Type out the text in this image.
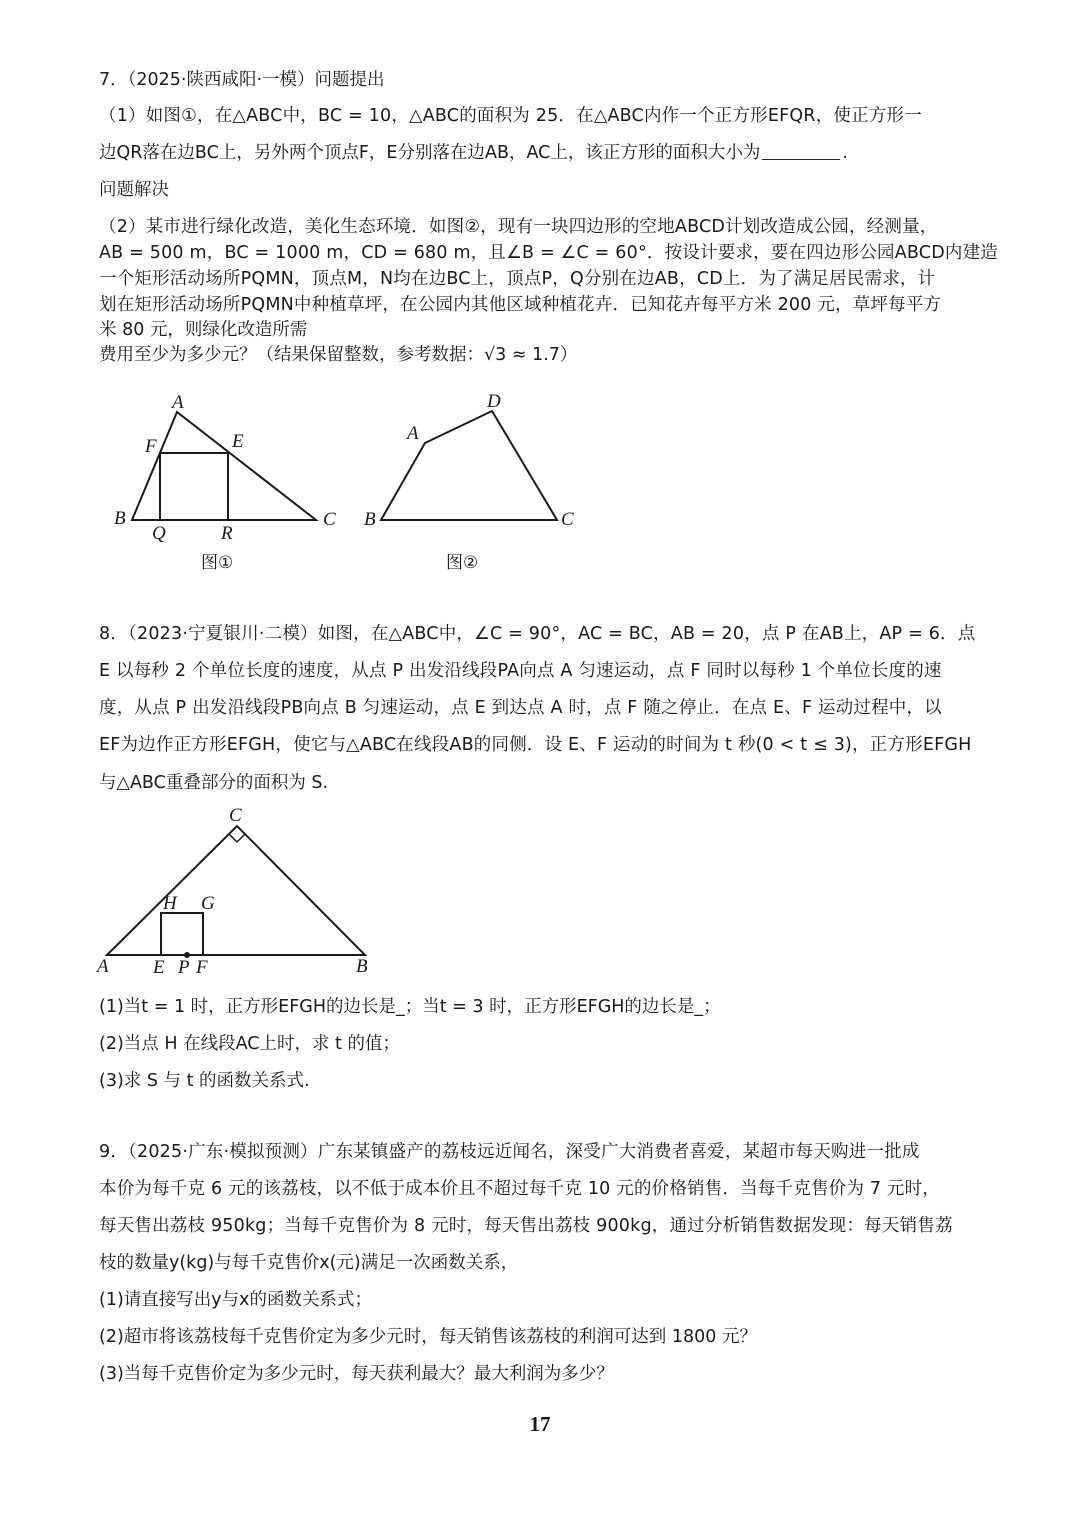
7．（2025·陕西咸阳·一模）问题提出
（1）如图①，在△ABC中，BC = 10，△ABC的面积为 25．在△ABC内作一个正方形EFQR，使正方形一
边QR落在边BC上，另外两个顶点F，E分别落在边AB，AC上，该正方形的面积大小为	.
问题解决
（2）某市进行绿化改造，美化生态环境．如图②，现有一块四边形的空地ABCD计划改造成公园，经测量，
AB = 500 m，BC = 1000 m，CD = 680 m，且∠B = ∠C = 60°．按设计要求，要在四边形公园ABCD内建造
一个矩形活动场所PQMN，顶点M，N均在边BC上，顶点P，Q分别在边AB，CD上．为了满足居民需求，计
划在矩形活动场所PQMN中种植草坪，在公园内其他区域种植花卉．已知花卉每平方米 200 元，草坪每平方
米 80 元，则绿化改造所需
费用至少为多少元？（结果保留整数，参考数据：√3 ≈ 1.7）
A
F	E
B	C
Q	R
图①
D
A
B	C
图②
8．（2023·宁夏银川·二模）如图，在△ABC中，∠C = 90°，AC = BC，AB = 20，点 P 在AB上，AP = 6．点
E 以每秒 2 个单位长度的速度，从点 P 出发沿线段PA向点 A 匀速运动，点 F 同时以每秒 1 个单位长度的速
度，从点 P 出发沿线段PB向点 B 匀速运动，点 E 到达点 A 时，点 F 随之停止．在点 E、F 运动过程中，以
EF为边作正方形EFGH，使它与△ABC在线段AB的同侧．设 E、F 运动的时间为 t 秒(0 < t ≤ 3)，正方形EFGH
与△ABC重叠部分的面积为 S.
C
H G
A E P F	B
(1)当t = 1 时，正方形EFGH的边长是_；当t = 3 时，正方形EFGH的边长是_；
(2)当点 H 在线段AC上时，求 t 的值；
(3)求 S 与 t 的函数关系式.
9．（2025·广东·模拟预测）广东某镇盛产的荔枝远近闻名，深受广大消费者喜爱，某超市每天购进一批成
本价为每千克 6 元的该荔枝，以不低于成本价且不超过每千克 10 元的价格销售．当每千克售价为 7 元时，
每天售出荔枝 950kg；当每千克售价为 8 元时，每天售出荔枝 900kg，通过分析销售数据发现：每天销售荔
枝的数量y(kg)与每千克售价x(元)满足一次函数关系，
(1)请直接写出y与x的函数关系式；
(2)超市将该荔枝每千克售价定为多少元时，每天销售该荔枝的利润可达到 1800 元？
(3)当每千克售价定为多少元时，每天获利最大？最大利润为多少？
17
